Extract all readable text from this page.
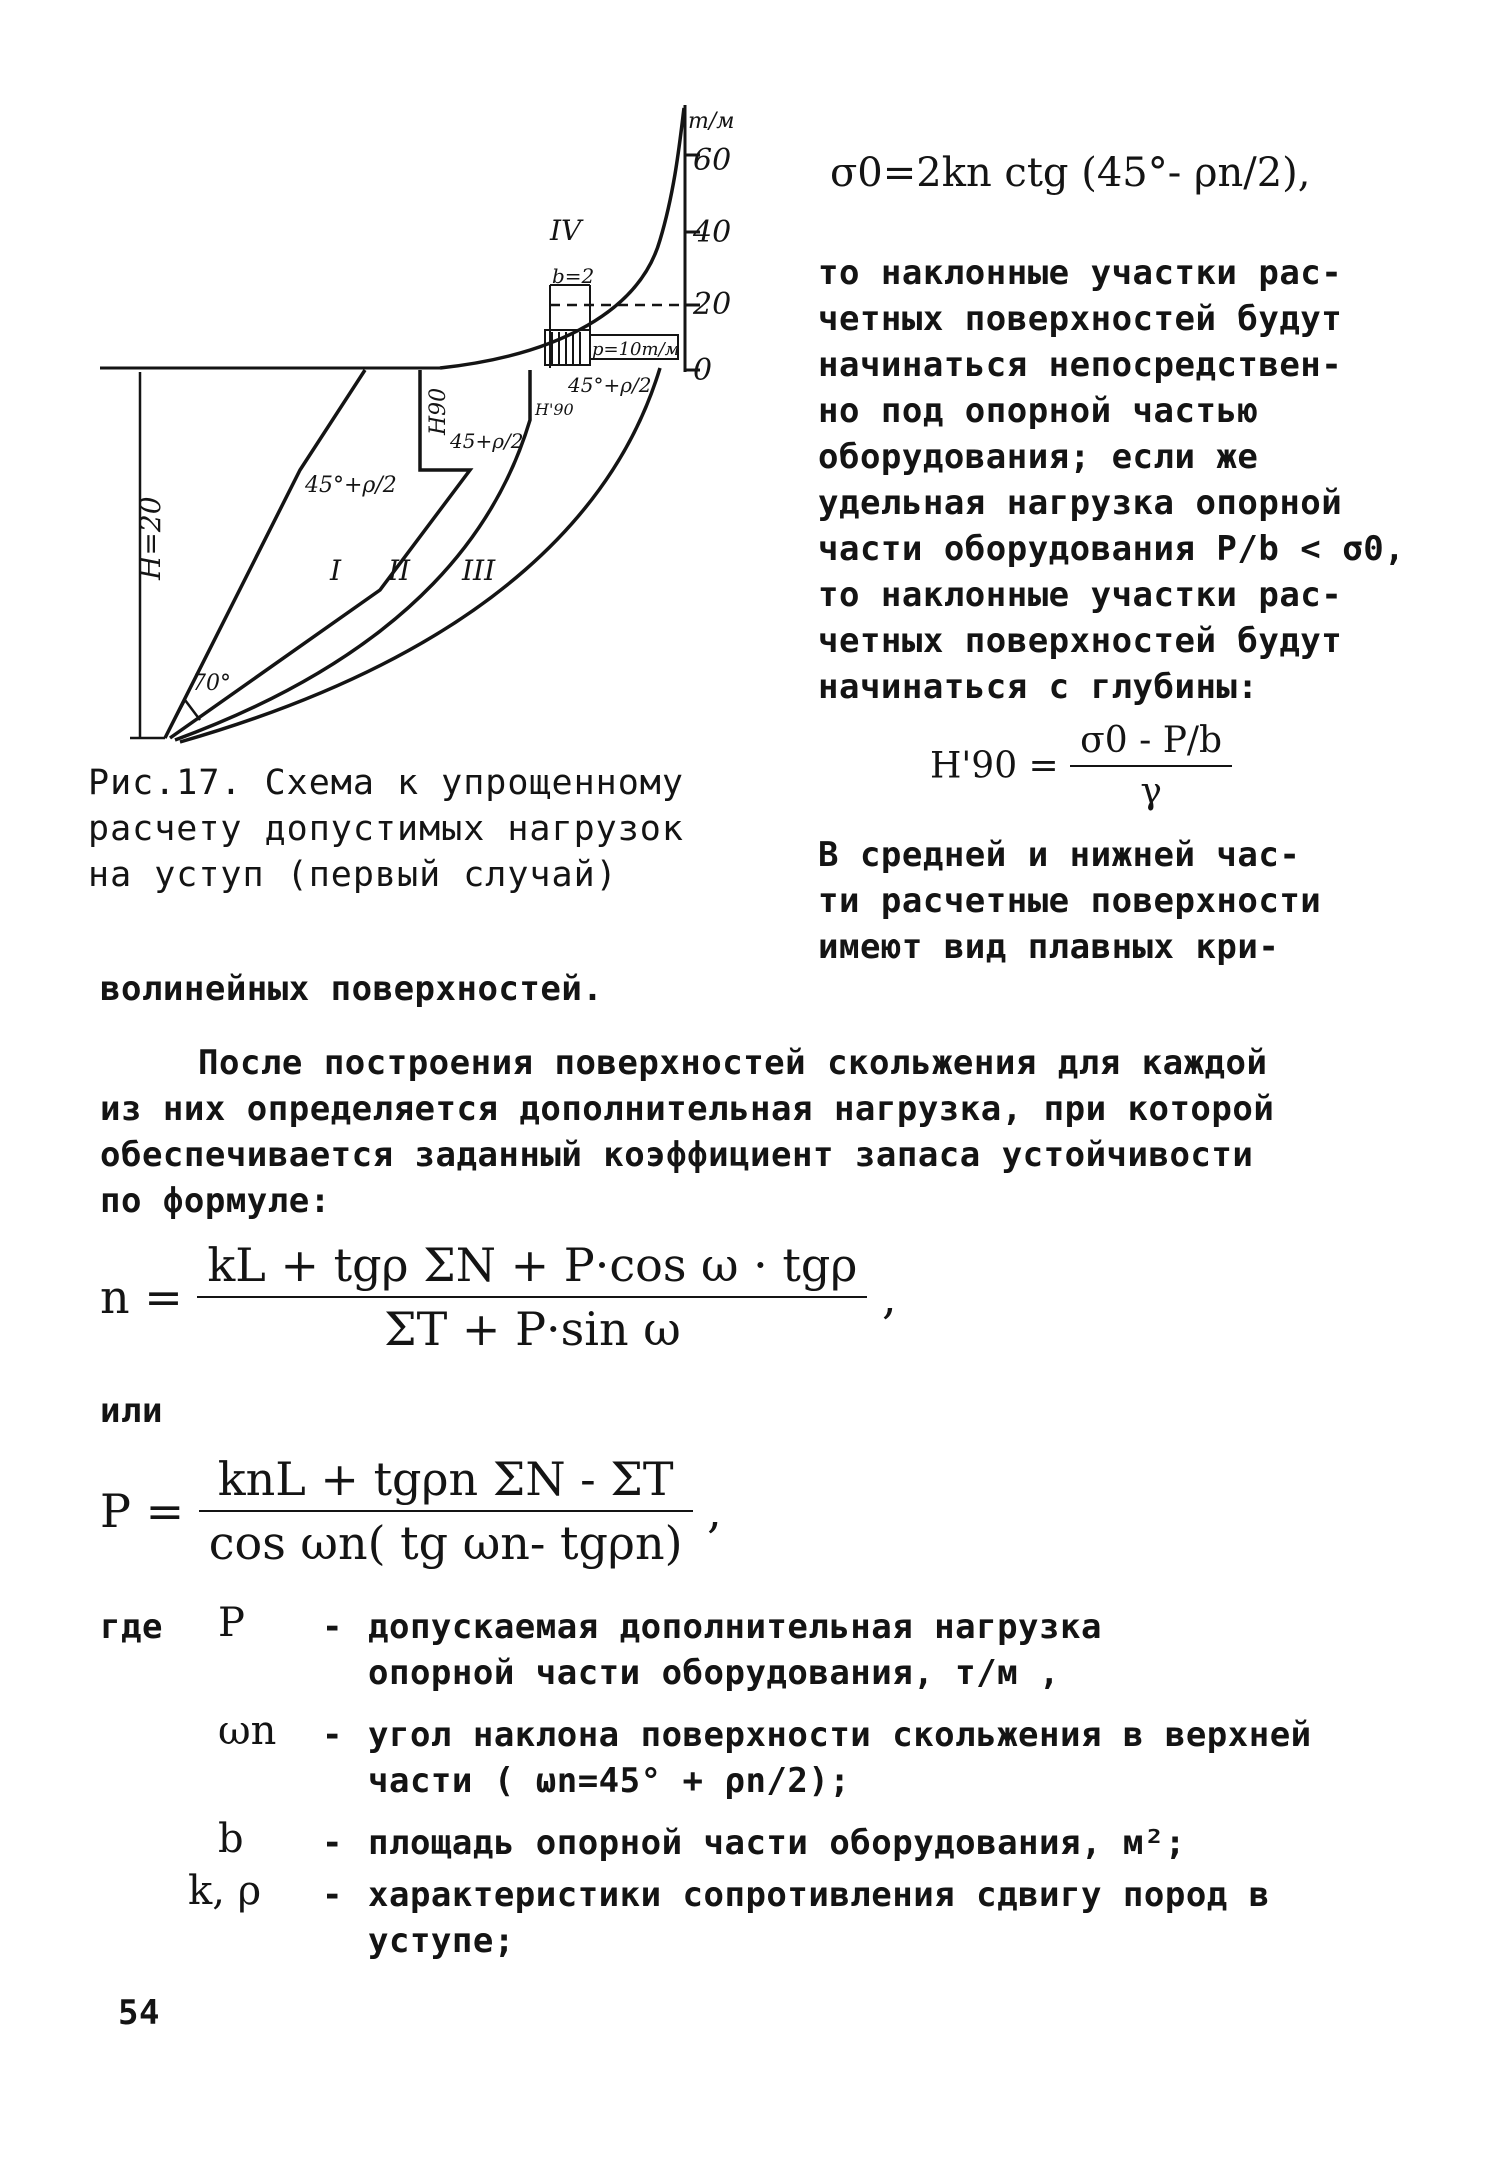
т/м
60
40
20
0
b=2
p=10т/м
45°+ρ/2
H=20
H90
45+ρ/2
45°+ρ/2
H'90
70°
I II III
IV
Рис.17. Схема к упрощенному
расчету допустимых нагрузок
на уступ (первый случай)
σ0=2kn ctg (45°- ρn/2),
то наклонные участки рас-
четных поверхностей будут
начинаться непосредствен-
но под опорной частью
оборудования; если же
удельная нагрузка опорной
части оборудования P/b < σ0,
то наклонные участки рас-
четных поверхностей будут
начинаться с глубины:
$H'90 = \frac{\sigma 0 - P/b}{\gamma}$
В средней и нижней час-
ти расчетные поверхности
имеют вид плавных кри-
волинейных поверхностей.
После построения поверхностей скольжения для каждой
из них определяется дополнительная нагрузка, при которой
обеспечивается заданный коэффициент запаса устойчивости
по формуле:
$n = \frac{\text{kL + tgρ ΣN + P·cos ω · tgρ}}{\text{ΣT + P·sin ω}}$ ,
или
$P = \frac{\text{knL + tgρn ΣN - ΣT}}{\text{cos ωn( tg ωn- tgρn)}}$ ,
где P - допускаемая дополнительная нагрузка
опорной части оборудования, т/м ,
ωn - угол наклона поверхности скольжения в верхней
части ( ωn=45° + ρn/2);
b - площадь опорной части оборудования, м²;
k, ρ - характеристики сопротивления сдвигу пород в
уступе;
54
